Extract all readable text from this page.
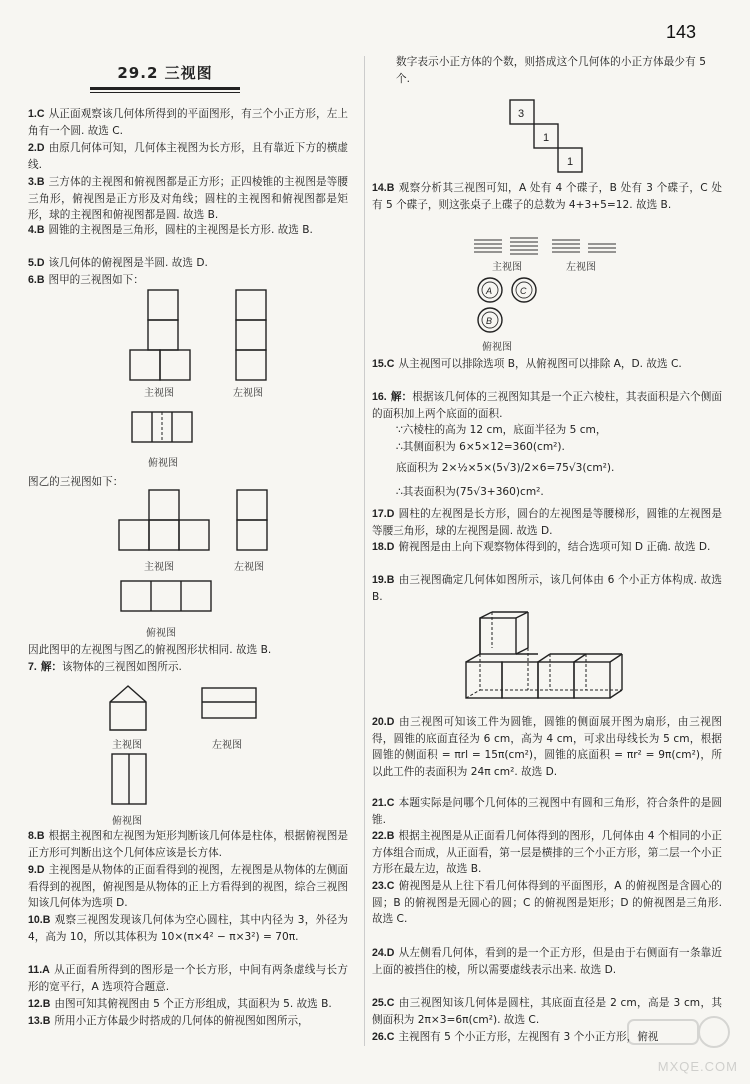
143
29.2 三视图
1.C 从正面观察该几何体所得到的平面图形，有三个小正方形，左上角有一个圆. 故选 C.
2.D 由原几何体可知，几何体主视图为长方形，且有靠近下方的横虚线.
3.B 三方体的主视图和俯视图都是正方形；正四棱锥的主视图是等腰三角形，俯视图是正方形及对角线；圆柱的主视图和俯视图都是矩形，球的主视图和俯视图都是圆. 故选 B.
4.B 圆锥的主视图是三角形，圆柱的主视图是长方形. 故选 B.
5.D 该几何体的俯视图是半圆. 故选 D.
6.B 图甲的三视图如下：
主视图	左视图
俯视图
图乙的三视图如下：
主视图	左视图
俯视图
因此图甲的左视图与图乙的俯视图形状相同. 故选 B.
7. 解：该物体的三视图如图所示.
主视图	左视图
俯视图
8.B 根据主视图和左视图为矩形判断该几何体是柱体，根据俯视图是正方形可判断出这个几何体应该是长方体.
9.D 主视图是从物体的正面看得到的视图，左视图是从物体的左侧面看得到的视图，俯视图是从物体的正上方看得到的视图，综合三视图知该几何体为选项 D.
10.B 观察三视图发现该几何体为空心圆柱，其中内径为 3，外径为 4，高为 10，所以其体积为 10×(π×4² − π×3²) = 70π.
11.A 从正面看所得到的图形是一个长方形，中间有两条虚线与长方形的宽平行，A 选项符合题意.
12.B 由图可知其俯视图由 5 个正方形组成，其面积为 5. 故选 B.
13.B 所用小正方体最少时搭成的几何体的俯视图如图所示，
数字表示小正方体的个数，则搭成这个几何体的小正方体最少有 5 个.
3
1
1
14.B 观察分析其三视图可知，A 处有 4 个碟子，B 处有 3 个碟子，C 处有 5 个碟子，则这张桌子上碟子的总数为 4+3+5=12. 故选 B.
主视图	左视图
A	C
B
俯视图
15.C 从主视图可以排除选项 B，从俯视图可以排除 A，D. 故选 C.
16. 解：根据该几何体的三视图知其是一个正六棱柱，其表面积是六个侧面的面积加上两个底面的面积.
∵六棱柱的高为 12 cm，底面半径为 5 cm，
∴其侧面积为 6×5×12=360(cm²).
底面积为 2×½×5×(5√3)/2×6=75√3(cm²).
∴其表面积为(75√3+360)cm².
17.D 圆柱的左视图是长方形，圆台的左视图是等腰梯形，圆锥的左视图是等腰三角形，球的左视图是圆. 故选 D.
18.D 俯视图是由上向下观察物体得到的，结合选项可知 D 正确. 故选 D.
19.B 由三视图确定几何体如图所示，该几何体由 6 个小正方体构成. 故选 B.
20.D 由三视图可知该工件为圆锥，圆锥的侧面展开图为扇形，由三视图得，圆锥的底面直径为 6 cm，高为 4 cm，可求出母线长为 5 cm，根据圆锥的侧面积 = πrl = 15π(cm²)，圆锥的底面积 = πr² = 9π(cm²)，所以此工件的表面积为 24π cm². 故选 D.
21.C 本题实际是问哪个几何体的三视图中有圆和三角形，符合条件的是圆锥.
22.B 根据主视图是从正面看几何体得到的图形，几何体由 4 个相同的小正方体组合而成，从正面看，第一层是横排的三个小正方形，第二层一个小正方形在最左边，故选 B.
23.C 俯视图是从上往下看几何体得到的平面图形，A 的俯视图是含圆心的圆；B 的俯视图是无圆心的圆；C 的俯视图是矩形；D 的俯视图是三角形. 故选 C.
24.D 从左侧看几何体，看到的是一个正方形，但是由于右侧面有一条靠近上面的被挡住的棱，所以需要虚线表示出来. 故选 D.
25.C 由三视图知该几何体是圆柱，其底面直径是 2 cm，高是 3 cm，其侧面积为 2π×3=6π(cm²). 故选 C.
26.C 主视图有 5 个小正方形，左视图有 3 个小正方形，俯视
MXQE.COM
